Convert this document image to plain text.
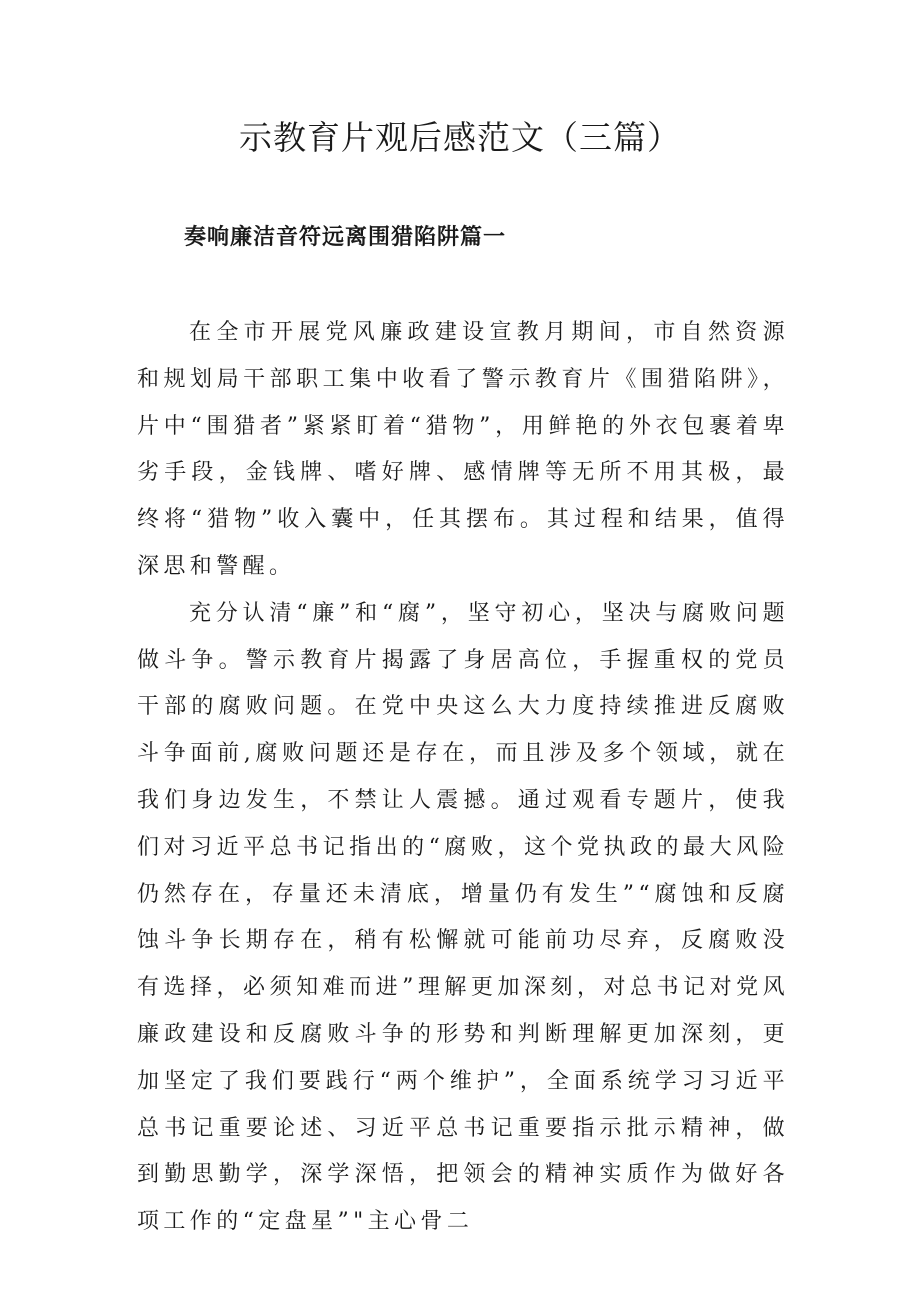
示教育片观后感范文（三篇）
奏响廉洁音符远离围猎陷阱篇一

在全市开展党风廉政建设宣教月期间，市自然资源和规划局干部职工集中收看了警示教育片《围猎陷阱》，片中“围猎者”紧紧盯着“猎物”，用鲜艳的外衣包裹着卑劣手段，金钱牌、嗜好牌、感情牌等无所不用其极，最终将“猎物”收入囊中，任其摆布。其过程和结果，值得深思和警醒。

充分认清“廉”和“腐”，坚守初心，坚决与腐败问题做斗争。警示教育片揭露了身居高位，手握重权的党员干部的腐败问题。在党中央这么大力度持续推进反腐败斗争面前,腐败问题还是存在，而且涉及多个领域，就在我们身边发生，不禁让人震撼。通过观看专题片，使我们对习近平总书记指出的“腐败，这个党执政的最大风险仍然存在，存量还未清底，增量仍有发生”“腐蚀和反腐蚀斗争长期存在，稍有松懈就可能前功尽弃，反腐败没有选择，必须知难而进”理解更加深刻，对总书记对党风廉政建设和反腐败斗争的形势和判断理解更加深刻，更加坚定了我们要践行“两个维护”，全面系统学习习近平总书记重要论述、习近平总书记重要指示批示精神，做到勤思勤学，深学深悟，把领会的精神实质作为做好各项工作的“定盘星”"主心骨二
